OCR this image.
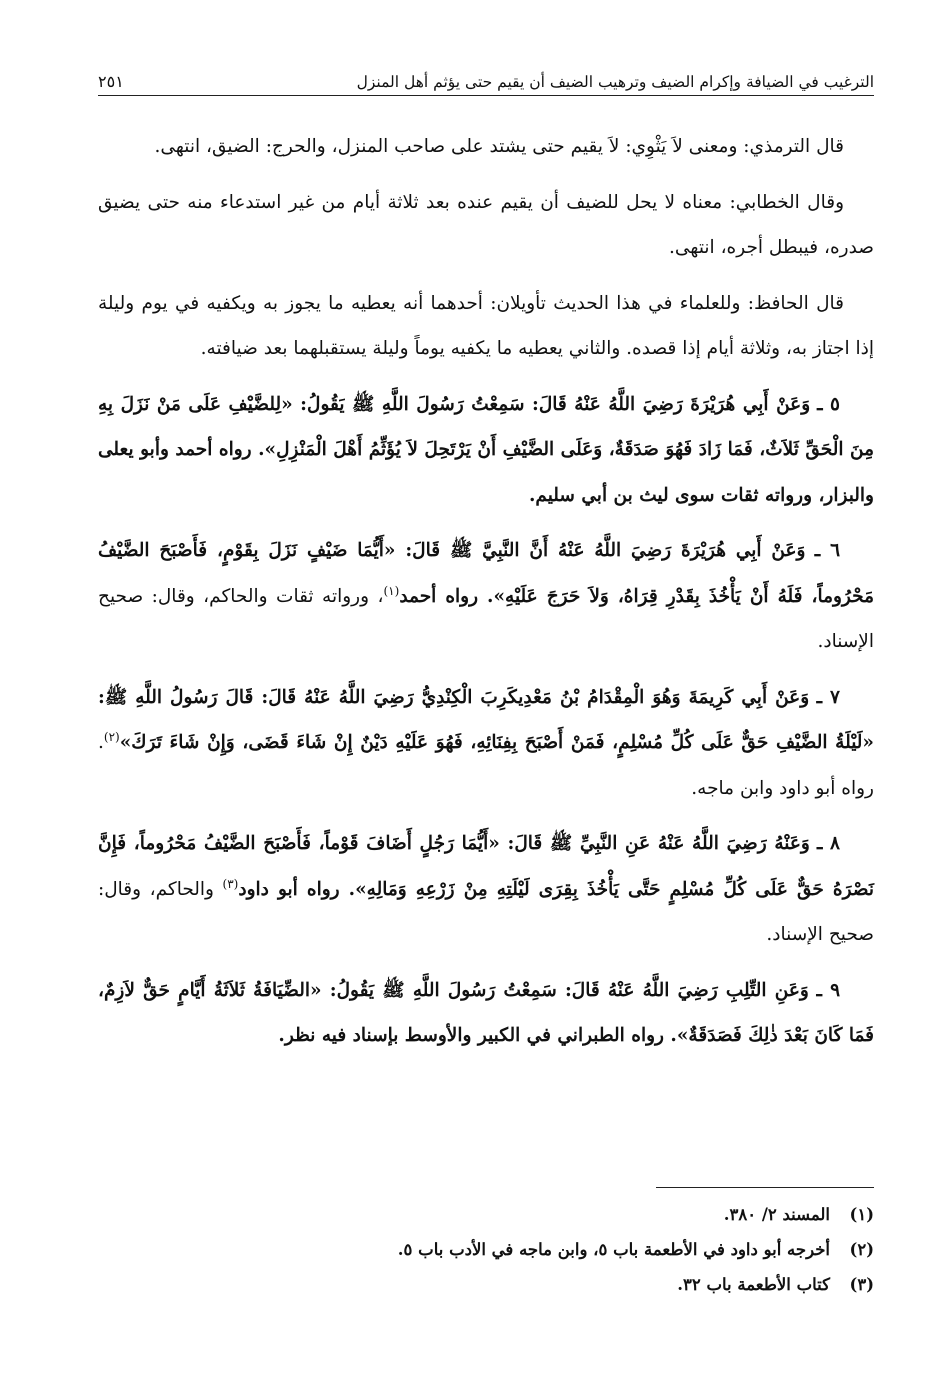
الترغيب في الضيافة وإكرام الضيف وترهيب الضيف أن يقيم حتى يؤثم أهل المنزل
٢٥١

قال الترمذي: ومعنى لاَ يَثْوِي: لاَ يقيم حتى يشتد على صاحب المنزل، والحرج: الضيق، انتهى.

وقال الخطابي: معناه لا يحل للضيف أن يقيم عنده بعد ثلاثة أيام من غير استدعاء منه حتى يضيق صدره، فيبطل أجره، انتهى.

قال الحافظ: وللعلماء في هذا الحديث تأويلان: أحدهما أنه يعطيه ما يجوز به ويكفيه في يوم وليلة إذا اجتاز به، وثلاثة أيام إذا قصده. والثاني يعطيه ما يكفيه يوماً وليلة يستقبلهما بعد ضيافته.

٥ ـ وَعَنْ أَبِي هُرَيْرَةَ رَضِيَ اللَّهُ عَنْهُ قَالَ: سَمِعْتُ رَسُولَ اللَّهِ ﷺ يَقُولُ: «لِلضَّيْفِ عَلَى مَنْ نَزَلَ بِهِ مِنَ الْحَقِّ ثَلاَثٌ، فَمَا زَادَ فَهُوَ صَدَقَةٌ، وَعَلَى الضَّيْفِ أَنْ يَرْتَحِلَ لاَ يُؤَثِّمُ أَهْلَ الْمَنْزِلِ». رواه أحمد وأبو يعلى والبزار، ورواته ثقات سوى ليث بن أبي سليم.

٦ ـ وَعَنْ أَبِي هُرَيْرَةَ رَضِيَ اللَّهُ عَنْهُ أَنَّ النَّبِيَّ ﷺ قَالَ: «أَيُّمَا ضَيْفٍ نَزَلَ بِقَوْمٍ، فَأَصْبَحَ الضَّيْفُ مَحْرُوماً، فَلَهُ أَنْ يَأْخُذَ بِقَدْرِ قِرَاهُ، وَلاَ حَرَجَ عَلَيْهِ». رواه أحمد$^{(١)}$، ورواته ثقات والحاكم، وقال: صحيح الإسناد.

٧ ـ وَعَنْ أَبِي كَرِيمَةَ وَهُوَ الْمِقْدَامُ بْنُ مَعْدِيكَرِبَ الْكِنْدِيُّ رَضِيَ اللَّهُ عَنْهُ قَالَ: قَالَ رَسُولُ اللَّهِ ﷺ: «لَيْلَةُ الضَّيْفِ حَقٌّ عَلَى كُلِّ مُسْلِمٍ، فَمَنْ أَصْبَحَ بِفِنَائِهِ، فَهُوَ عَلَيْهِ دَيْنٌ إِنْ شَاءَ قَضَى، وَإِنْ شَاءَ تَرَكَ»$^{(٢)}$. رواه أبو داود وابن ماجه.

٨ ـ وَعَنْهُ رَضِيَ اللَّهُ عَنْهُ عَنِ النَّبِيِّ ﷺ قَالَ: «أَيُّمَا رَجُلٍ أَضَافَ قَوْماً، فَأَصْبَحَ الضَّيْفُ مَحْرُوماً، فَإِنَّ نَصْرَهُ حَقٌّ عَلَى كُلِّ مُسْلِمٍ حَتَّى يَأْخُذَ بِقِرَى لَيْلَتِهِ مِنْ زَرْعِهِ وَمَالِهِ». رواه أبو داود$^{(٣)}$ والحاكم، وقال: صحيح الإسناد.

٩ ـ وَعَنِ التِّلِبِ رَضِيَ اللَّهُ عَنْهُ قَالَ: سَمِعْتُ رَسُولَ اللَّهِ ﷺ يَقُولُ: «الضِّيَافَةُ ثَلاَثَةُ أَيَّامٍ حَقٌّ لاَزِمٌ، فَمَا كَانَ بَعْدَ ذٰلِكَ فَصَدَقَةٌ». رواه الطبراني في الكبير والأوسط بإسناد فيه نظر.

(١)
المسند ٢/ ٣٨٠.
(٢)
أخرجه أبو داود في الأطعمة باب ٥، وابن ماجه في الأدب باب ٥.
(٣)
كتاب الأطعمة باب ٣٢.
